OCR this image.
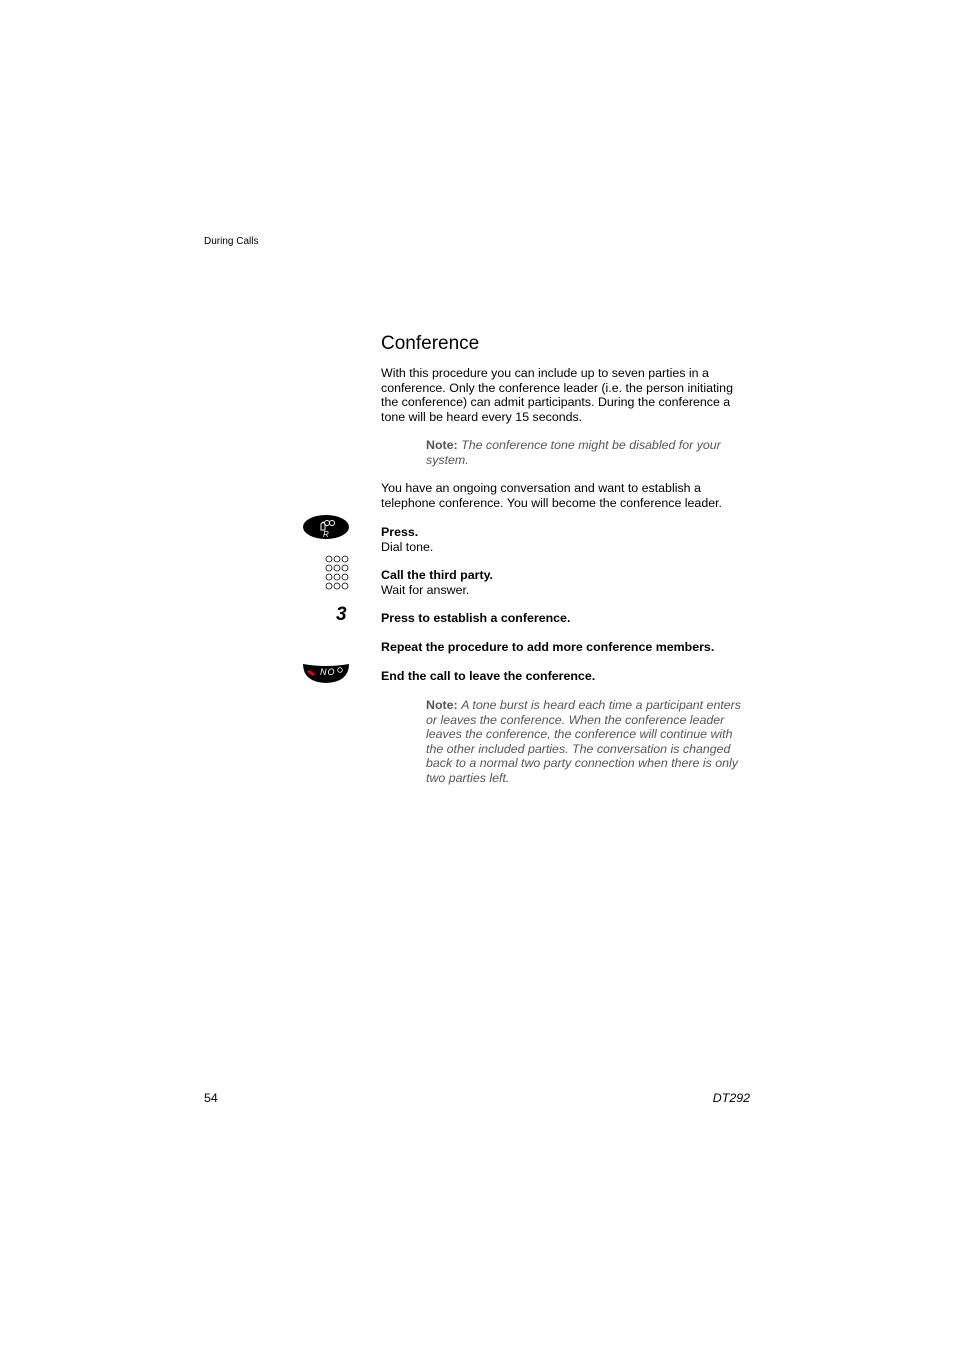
During Calls
Conference

With this procedure you can include up to seven parties in a conference. Only the conference leader (i.e. the person initiating the conference) can admit participants. During the conference a tone will be heard every 15 seconds.

Note: The conference tone might be disabled for your system.

You have an ongoing conversation and want to establish a telephone conference. You will become the conference leader.

R	Press.
Dial tone.

Call the third party.
Wait for answer.

3	Press to establish a conference.

Repeat the procedure to add more conference members.

NO	End the call to leave the conference.

Note: A tone burst is heard each time a participant enters or leaves the conference. When the conference leader leaves the conference, the conference will continue with the other included parties. The conversation is changed back to a normal two party connection when there is only two parties left.

54	DT292
